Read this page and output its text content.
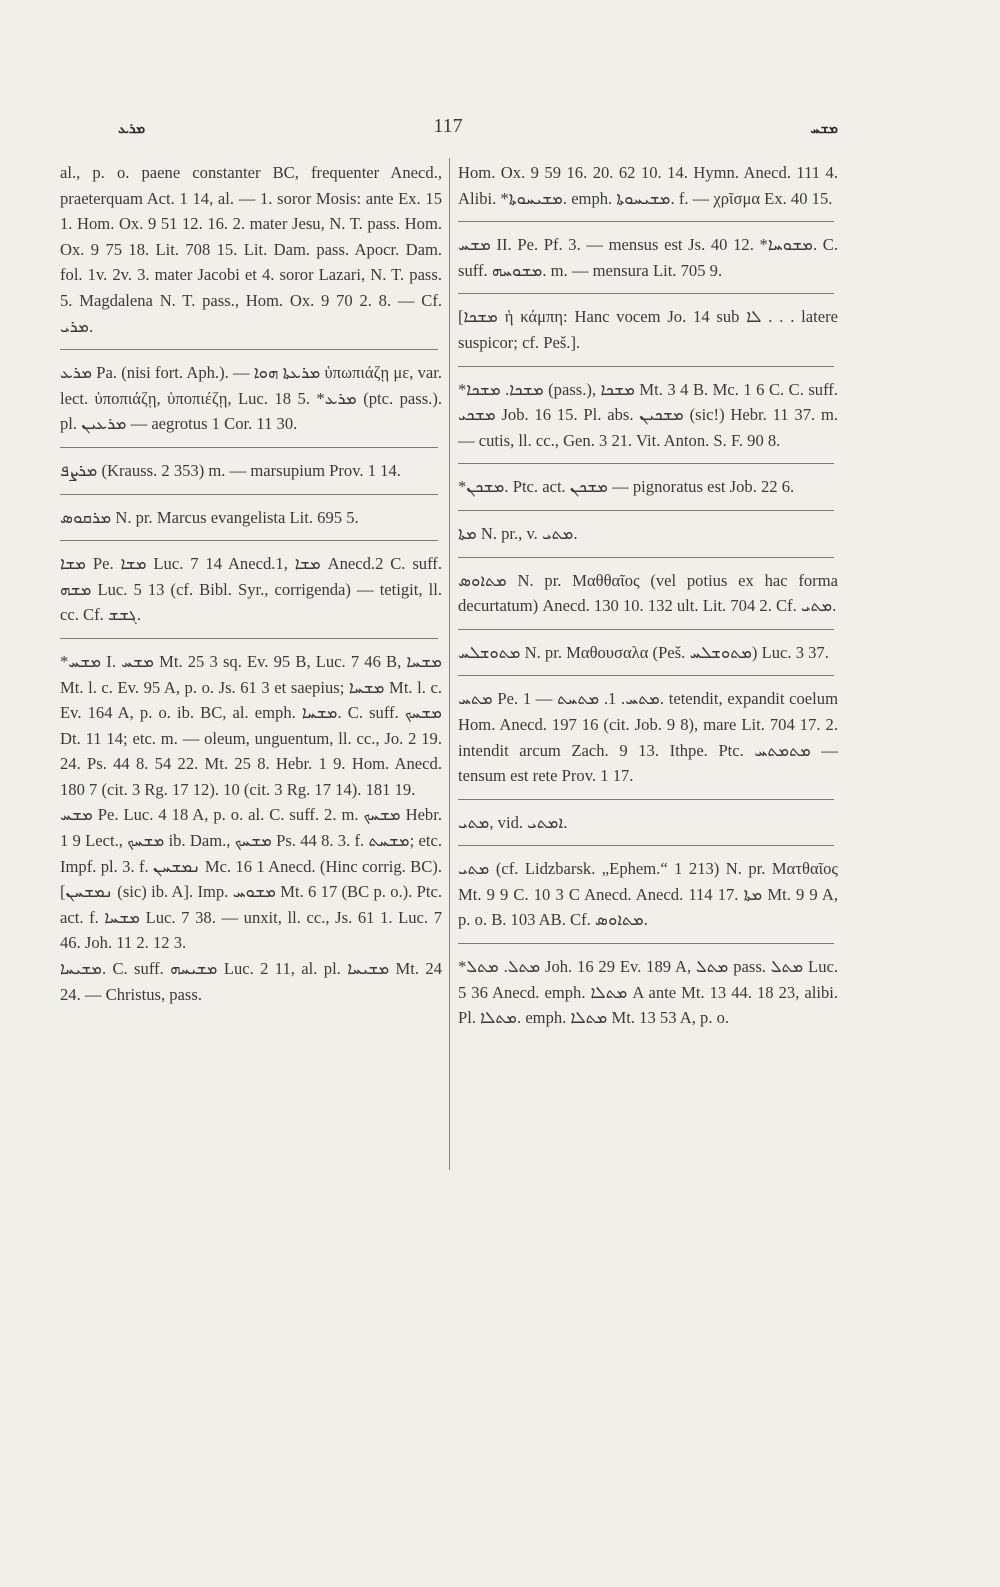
ܡܪܥ	117	ܡܫܚ

al., p. o. paene constanter BC, frequenter Anecd., praeterquam Act. 1 14, al. — 1. soror Mosis: ante Ex. 15 1. Hom. Ox. 9 51 12. 16. 2. mater Jesu, N. T. pass. Hom. Ox. 9 75 18. Lit. 708 15. Lit. Dam. pass. Apocr. Dam. fol. 1v. 2v. 3. mater Jacobi et 4. soror Lazari, N. T. pass. 5. Magdalena N. T. pass., Hom. Ox. 9 70 2. 8. — Cf. ܡܪܝ.

ܡܪܥ Pa. (nisi fort. Aph.). — ܡܪܥܬܐ ܗܘܐ ὑπωπιάζῃ με, var. lect. ὑποπιάζῃ, ὑποπιέζῃ, Luc. 18 5. *ܡܪܥ (ptc. pass.). pl. ܡܪܥܝܢ — aegrotus 1 Cor. 11 30.

ܡܪܨܦ (Krauss. 2 353) m. — marsupium Prov. 1 14.

ܡܪܩܘܣ N. pr. Marcus evangelista Lit. 695 5.

ܡܫܐ Pe. ܡܫܐ Luc. 7 14 Anecd.1, ܡܫܐ Anecd.2 C. suff. ܡܫܗ Luc. 5 13 (cf. Bibl. Syr., corrigenda) — tetigit, ll. cc. Cf. ܓܫܫ.

*ܡܫܚ I. ܡܫܚ Mt. 25 3 sq. Ev. 95 B, Luc. 7 46 B, ܡܫܚܐ Mt. l. c. Ev. 95 A, p. o. Js. 61 3 et saepius; ܡܫܚܐ Mt. l. c. Ev. 164 A, p. o. ib. BC, al. emph. ܡܫܚܐ. C. suff. ܡܫܚܟ Dt. 11 14; etc. m. — oleum, unguentum, ll. cc., Jo. 2 19. 24. Ps. 44 8. 54 22. Mt. 25 8. Hebr. 1 9. Hom. Anecd. 180 7 (cit. 3 Rg. 17 12). 10 (cit. 3 Rg. 17 14). 181 19.

ܡܫܚ Pe. Luc. 4 18 A, p. o. al. C. suff. 2. m. ܡܫܚܟ Hebr. 1 9 Lect., ܡܫܚܟ ib. Dam., ܡܫܚܟ Ps. 44 8. 3. f. ܡܫܚܬ; etc. Impf. pl. 3. f. ܢܡܫܚܢ Mc. 16 1 Anecd. (Hinc corrig. BC). [ܢܡܫܚܢ (sic) ib. A]. Imp. ܡܫܘܚ Mt. 6 17 (BC p. o.). Ptc. act. f. ܡܫܚܐ Luc. 7 38. — unxit, ll. cc., Js. 61 1. Luc. 7 46. Joh. 11 2. 12 3.

ܡܫܝܚܐ. C. suff. ܡܫܝܚܗ Luc. 2 11, al. pl. ܡܫܝܚܐ Mt. 24 24. — Christus, pass.

Hom. Ox. 9 59 16. 20. 62 10. 14. Hymn. Anecd. 111 4. Alibi. *ܡܫܝܚܘܬܐ. emph. ܡܫܝܚܘܬܐ. f. — χρῖσμα Ex. 40 15.

ܡܫܚ II. Pe. Pf. 3. — mensus est Js. 40 12. *ܡܫܘܚܐ. C. suff. ܡܫܘܚܗ. m. — mensura Lit. 705 9.

[ܡܫܟܐ ἡ κάμπη: Hanc vocem Jo. 14 sub ܠܐ . . . latere suspicor; cf. Peš.].

*ܡܫܟܐ. ܡܫܟܐ (pass.), ܡܫܟܐ Mt. 3 4 B. Mc. 1 6 C. C. suff. ܡܫܟܝ Job. 16 15. Pl. abs. ܡܫܟܝܢ (sic!) Hebr. 11 37. m. — cutis, ll. cc., Gen. 3 21. Vit. Anton. S. F. 90 8.

*ܡܫܟܢ. Ptc. act. ܡܫܟܢ — pignoratus est Job. 22 6.

ܡܬܐ N. pr., v. ܡܬܝ.

ܡܬܐܘܣ N. pr. Μαθθαῖος (vel potius ex hac forma decurtatum) Anecd. 130 10. 132 ult. Lit. 704 2. Cf. ܡܬܝ.

ܡܬܘܫܠܚ N. pr. Μαθουσαλα (Peš. ܡܬܘܫܠܚ) Luc. 3 37.

ܡܬܚ Pe. ܡܬܚ. 1. ܡܬܚܬ — 1. tetendit, expandit coelum Hom. Anecd. 197 16 (cit. Job. 9 8), mare Lit. 704 17. 2. intendit arcum Zach. 9 13. Ithpe. Ptc. ܡܬܡܬܚ — tensum est rete Prov. 1 17.

ܡܬܝ, vid. ܐܡܬܝ.

ܡܬܝ (cf. Lidzbarsk. „Ephem.“ 1 213) N. pr. Ματθαῖος Mt. 9 9 C. 10 3 C Anecd. Anecd. 114 17. ܡܬܐ Mt. 9 9 A, p. o. B. 103 AB. Cf. ܡܬܐܘܣ.

*ܡܬܠ. ܡܬܠ Joh. 16 29 Ev. 189 A, ܡܬܠ pass. ܡܬܠ Luc. 5 36 Anecd. emph. ܡܬܠܐ A ante Mt. 13 44. 18 23, alibi. Pl. ܡܬܠܐ. emph. ܡܬܠܐ Mt. 13 53 A, p. o.
